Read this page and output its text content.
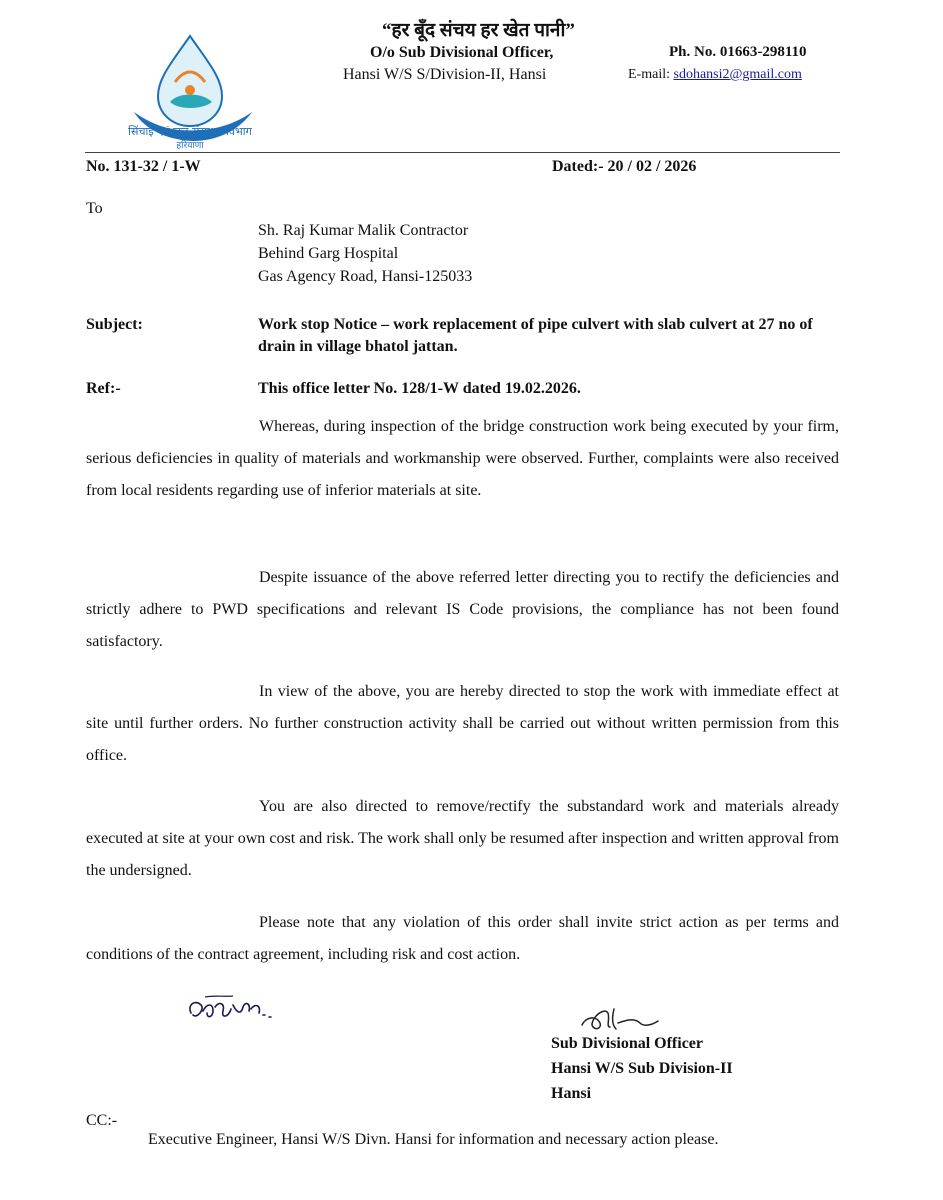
सिंचाई एवं जल संसाधन विभाग
हरियाणा
“हर बूँद संचय हर खेत पानी”
O/o Sub Divisional Officer,
Hansi W/S S/Division-II, Hansi
Ph. No. 01663-298110
E-mail: sdohansi2@gmail.com
No. 131-32 / 1-W	Dated:- 20 / 02 / 2026
To
Sh. Raj Kumar Malik Contractor
Behind Garg Hospital
Gas Agency Road, Hansi-125033
Subject:	Work stop Notice – work replacement of pipe culvert with slab culvert at 27 no of drain in village bhatol jattan.
Ref:-	This office letter No. 128/1-W dated 19.02.2026.

Whereas, during inspection of the bridge construction work being executed by your firm, serious deficiencies in quality of materials and workmanship were observed. Further, complaints were also received from local residents regarding use of inferior materials at site.

Despite issuance of the above referred letter directing you to rectify the deficiencies and strictly adhere to PWD specifications and relevant IS Code provisions, the compliance has not been found satisfactory.

In view of the above, you are hereby directed to stop the work with immediate effect at site until further orders. No further construction activity shall be carried out without written permission from this office.

You are also directed to remove/rectify the substandard work and materials already executed at site at your own cost and risk. The work shall only be resumed after inspection and written approval from the undersigned.

Please note that any violation of this order shall invite strict action as per terms and conditions of the contract agreement, including risk and cost action.

Sub Divisional Officer
Hansi W/S Sub Division-II
Hansi
CC:-
Executive Engineer, Hansi W/S Divn. Hansi for information and necessary action please.
